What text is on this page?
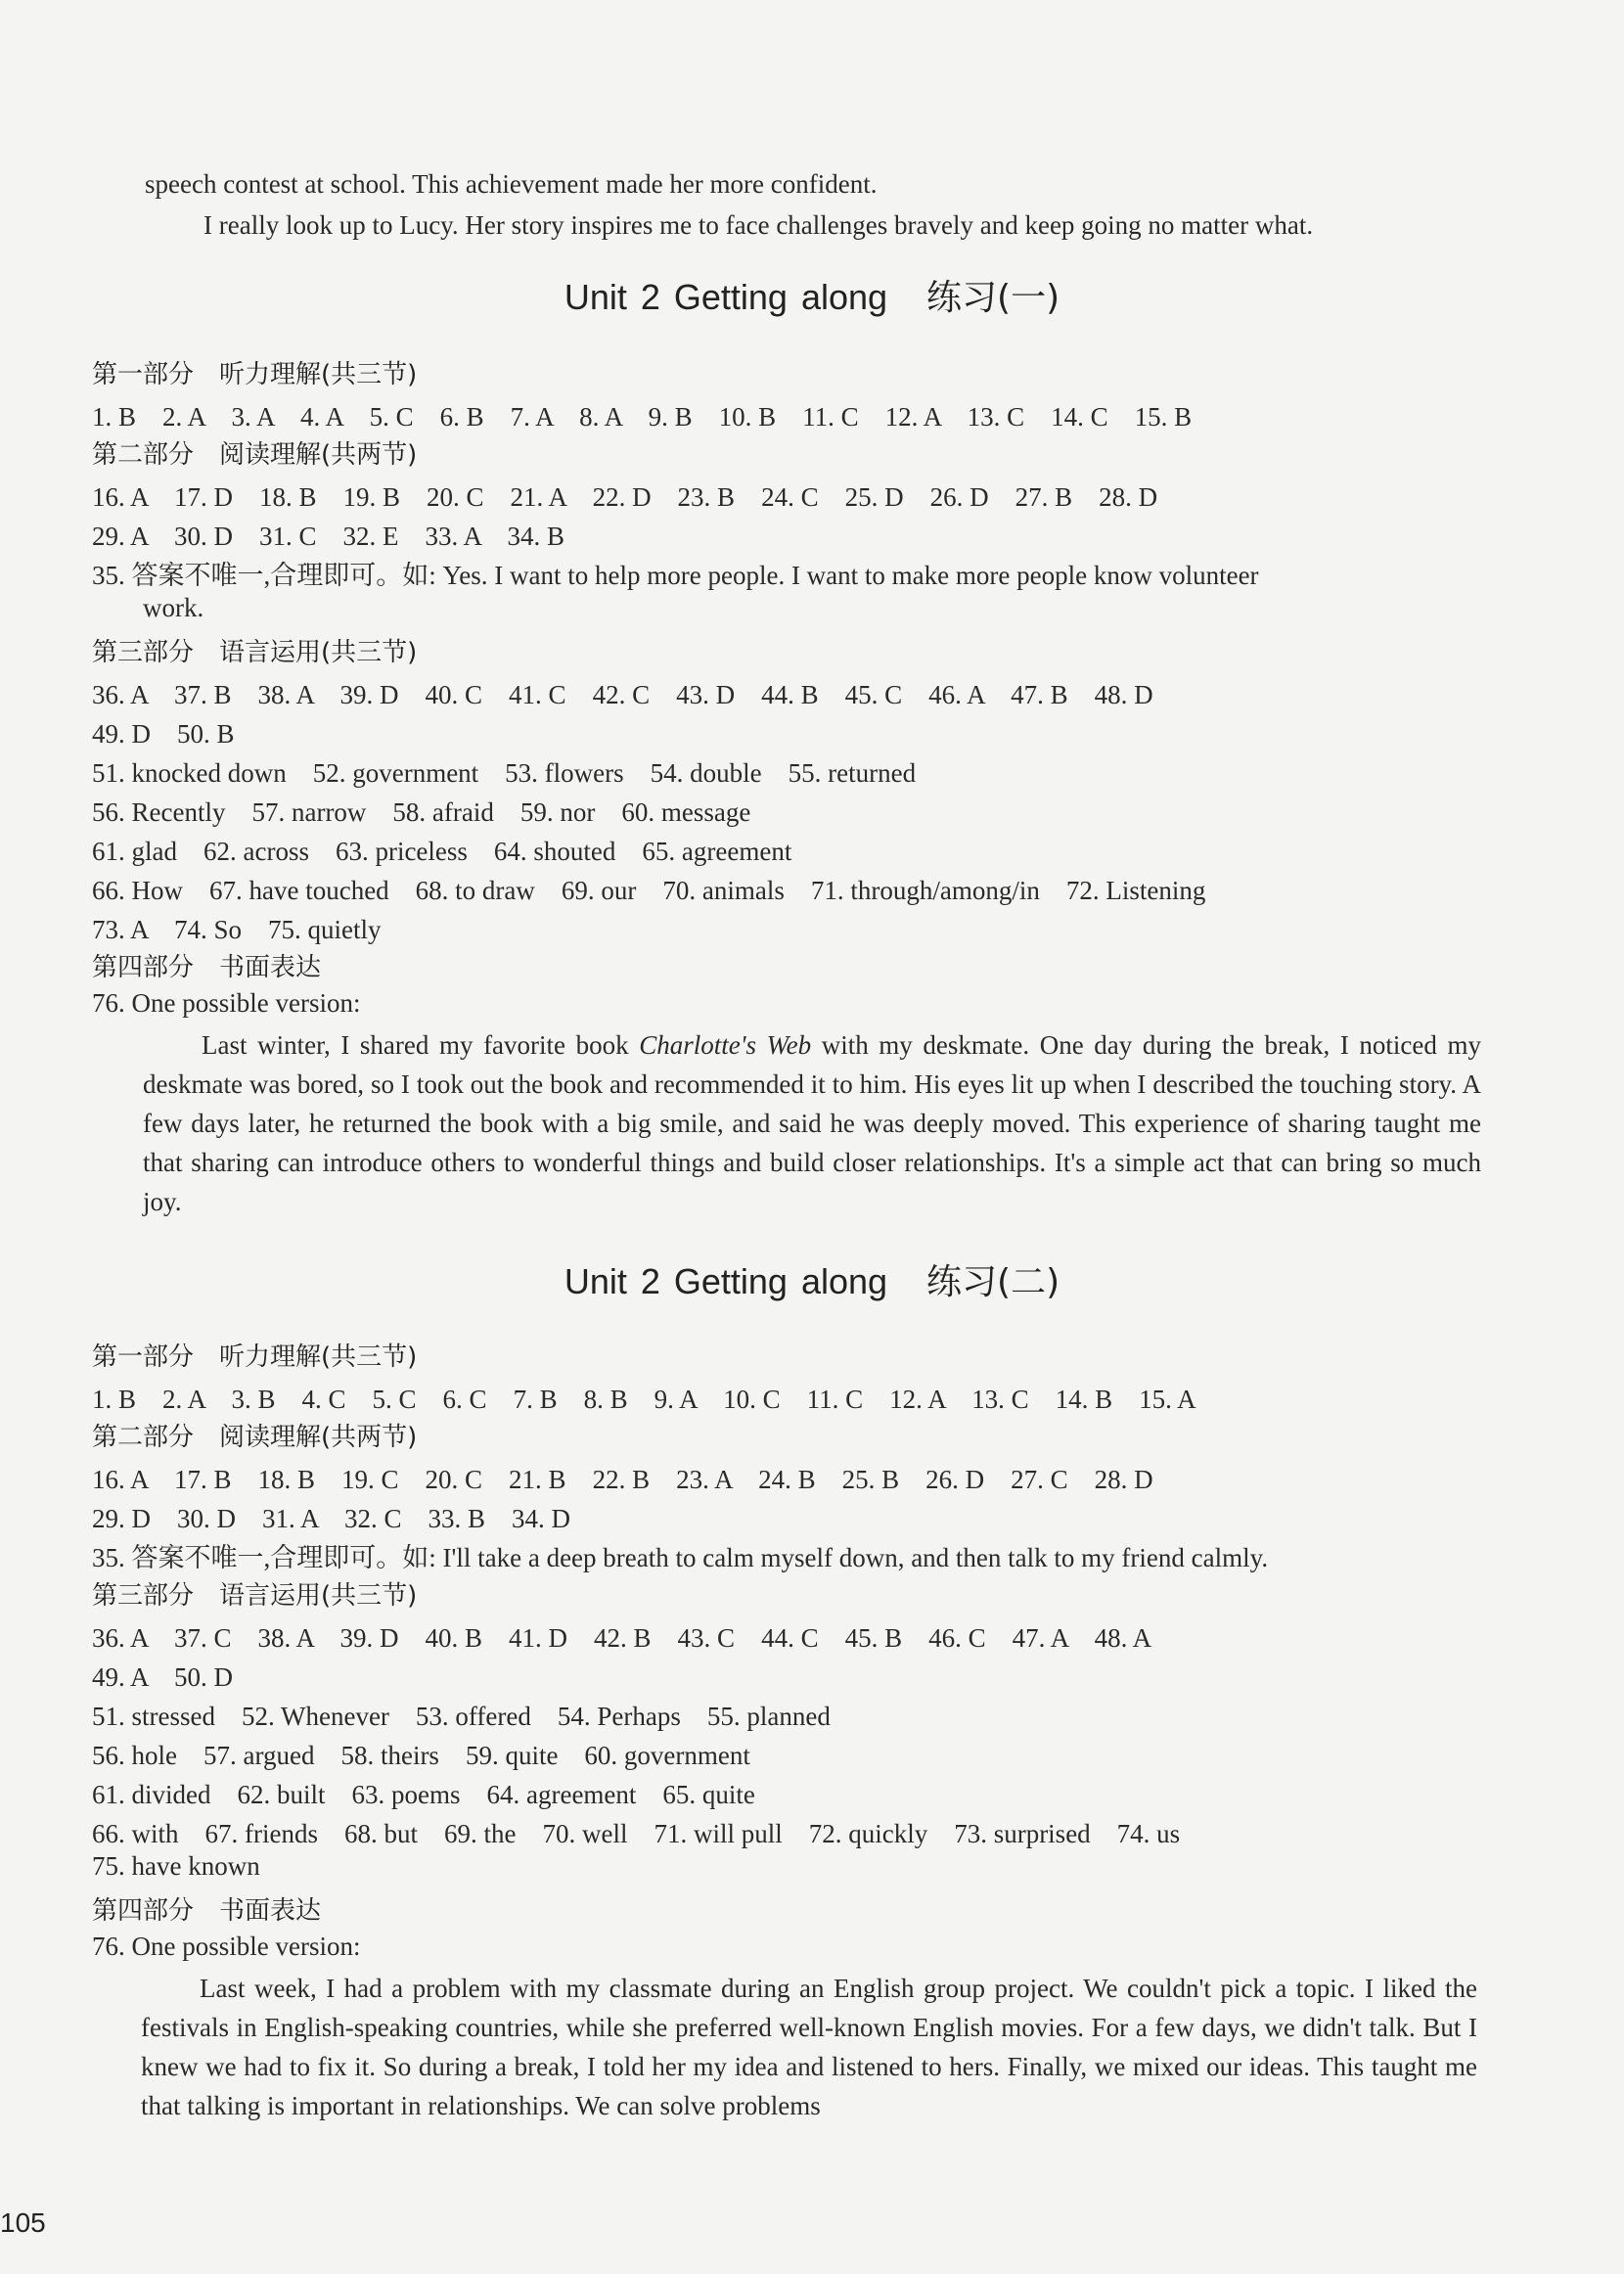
speech contest at school. This achievement made her more confident.
I really look up to Lucy. Her story inspires me to face challenges bravely and keep going no matter what.
Unit 2 Getting along 练习(一)
第一部分　听力理解(共三节)
1. B　2. A　3. A　4. A　5. C　6. B　7. A　8. A　9. B　10. B　11. C　12. A　13. C　14. C　15. B
第二部分　阅读理解(共两节)
16. A　17. D　18. B　19. B　20. C　21. A　22. D　23. B　24. C　25. D　26. D　27. B　28. D
29. A　30. D　31. C　32. E　33. A　34. B
35. 答案不唯一,合理即可。如: Yes. I want to help more people. I want to make more people know volunteer
work.
第三部分　语言运用(共三节)
36. A　37. B　38. A　39. D　40. C　41. C　42. C　43. D　44. B　45. C　46. A　47. B　48. D
49. D　50. B
51. knocked down　52. government　53. flowers　54. double　55. returned
56. Recently　57. narrow　58. afraid　59. nor　60. message
61. glad　62. across　63. priceless　64. shouted　65. agreement
66. How　67. have touched　68. to draw　69. our　70. animals　71. through/among/in　72. Listening
73. A　74. So　75. quietly
第四部分　书面表达
76. One possible version:
Last winter, I shared my favorite book Charlotte's Web with my deskmate. One day during the break, I noticed my deskmate was bored, so I took out the book and recommended it to him. His eyes lit up when I described the touching story. A few days later, he returned the book with a big smile, and said he was deeply moved. This experience of sharing taught me that sharing can introduce others to wonderful things and build closer relationships. It's a simple act that can bring so much joy.
Unit 2 Getting along 练习(二)
第一部分　听力理解(共三节)
1. B　2. A　3. B　4. C　5. C　6. C　7. B　8. B　9. A　10. C　11. C　12. A　13. C　14. B　15. A
第二部分　阅读理解(共两节)
16. A　17. B　18. B　19. C　20. C　21. B　22. B　23. A　24. B　25. B　26. D　27. C　28. D
29. D　30. D　31. A　32. C　33. B　34. D
35. 答案不唯一,合理即可。如: I'll take a deep breath to calm myself down, and then talk to my friend calmly.
第三部分　语言运用(共三节)
36. A　37. C　38. A　39. D　40. B　41. D　42. B　43. C　44. C　45. B　46. C　47. A　48. A
49. A　50. D
51. stressed　52. Whenever　53. offered　54. Perhaps　55. planned
56. hole　57. argued　58. theirs　59. quite　60. government
61. divided　62. built　63. poems　64. agreement　65. quite
66. with　67. friends　68. but　69. the　70. well　71. will pull　72. quickly　73. surprised　74. us
75. have known
第四部分　书面表达
76. One possible version:
Last week, I had a problem with my classmate during an English group project. We couldn't pick a topic. I liked the festivals in English-speaking countries, while she preferred well-known English movies. For a few days, we didn't talk. But I knew we had to fix it. So during a break, I told her my idea and listened to hers. Finally, we mixed our ideas. This taught me that talking is important in relationships. We can solve problems
105
